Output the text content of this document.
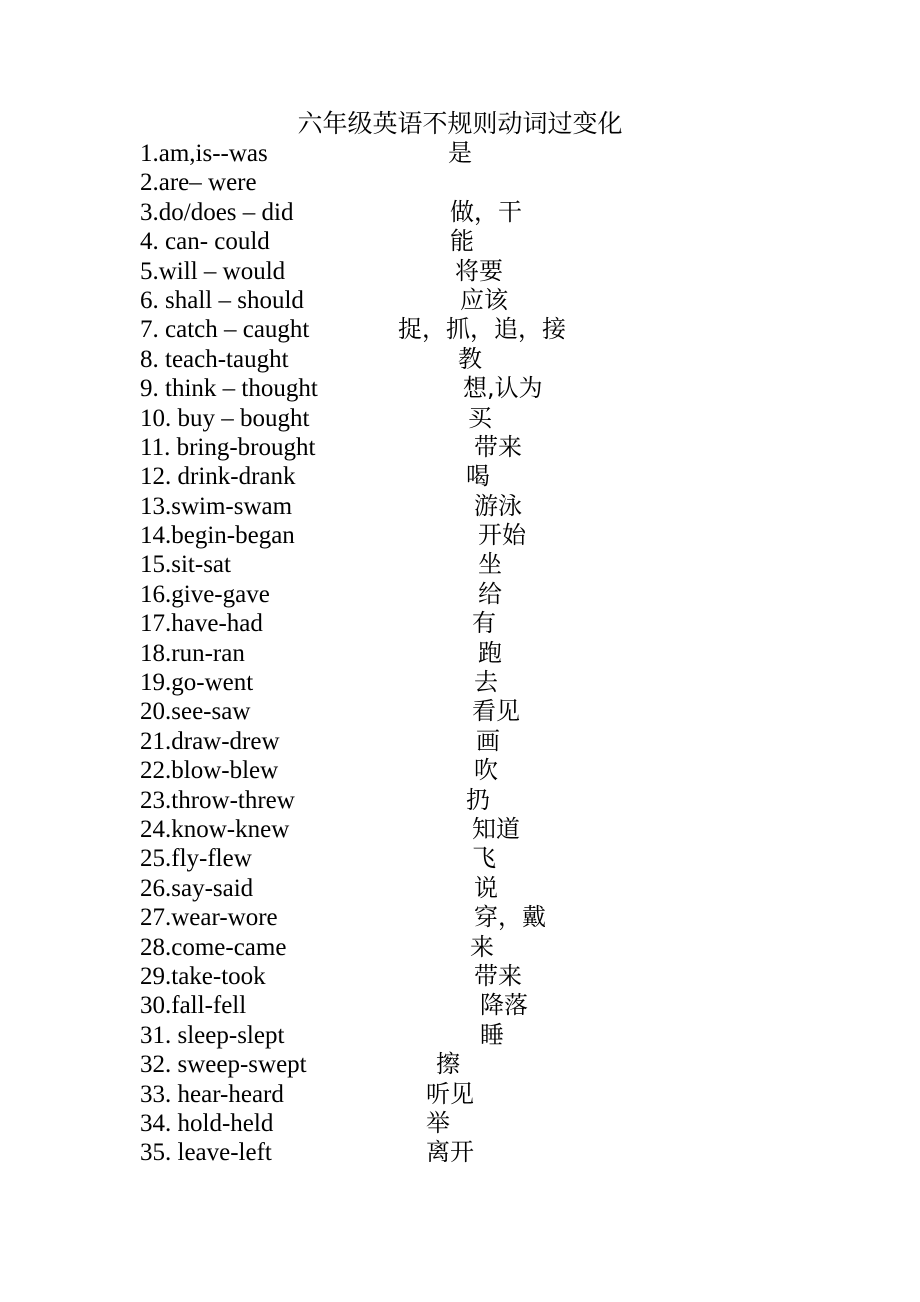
六年级英语不规则动词过变化
1.am,is--was	是
2.are– were
3.do/does – did	做，干
4. can- could	能
5.will – would	将要
6. shall – should	应该
7. catch – caught	捉，抓，追，接
8. teach-taught	教
9. think – thought	想,认为
10. buy – bought	买
11. bring-brought	带来
12. drink-drank	喝
13.swim-swam	游泳
14.begin-began	开始
15.sit-sat	坐
16.give-gave	给
17.have-had	有
18.run-ran	跑
19.go-went	去
20.see-saw	看见
21.draw-drew	画
22.blow-blew	吹
23.throw-threw	扔
24.know-knew	知道
25.fly-flew	飞
26.say-said	说
27.wear-wore	穿，戴
28.come-came	来
29.take-took	带来
30.fall-fell	降落
31. sleep-slept	睡
32. sweep-swept	擦
33. hear-heard	听见
34. hold-held	举
35. leave-left	离开
